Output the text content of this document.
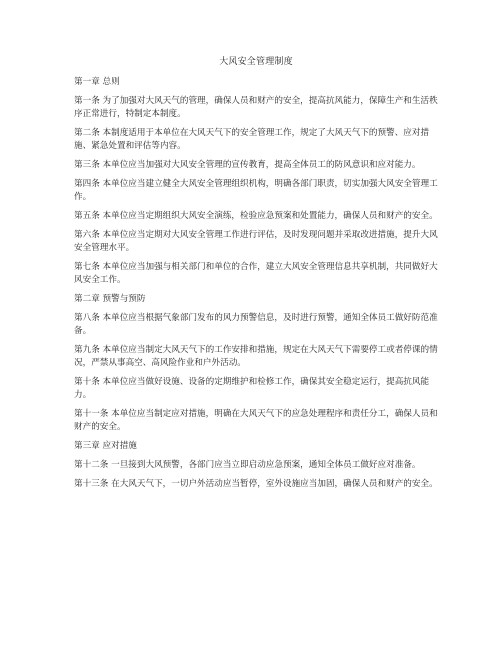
大风安全管理制度
第一章 总则
第一条 为了加强对大风天气的管理，确保人员和财产的安全，提高抗风能力，保障生产和生活秩序正常进行，特制定本制度。
第二条 本制度适用于本单位在大风天气下的安全管理工作，规定了大风天气下的预警、应对措施、紧急处置和评估等内容。
第三条 本单位应当加强对大风安全管理的宣传教育，提高全体员工的防风意识和应对能力。
第四条 本单位应当建立健全大风安全管理组织机构，明确各部门职责，切实加强大风安全管理工作。
第五条 本单位应当定期组织大风安全演练，检验应急预案和处置能力，确保人员和财产的安全。
第六条 本单位应当定期对大风安全管理工作进行评估，及时发现问题并采取改进措施，提升大风安全管理水平。
第七条 本单位应当加强与相关部门和单位的合作，建立大风安全管理信息共享机制，共同做好大风安全工作。
第二章 预警与预防
第八条 本单位应当根据气象部门发布的风力预警信息，及时进行预警，通知全体员工做好防范准备。
第九条 本单位应当制定大风天气下的工作安排和措施，规定在大风天气下需要停工或者停课的情况，严禁从事高空、高风险作业和户外活动。
第十条 本单位应当做好设施、设备的定期维护和检修工作，确保其安全稳定运行，提高抗风能力。
第十一条 本单位应当制定应对措施，明确在大风天气下的应急处理程序和责任分工，确保人员和财产的安全。
第三章 应对措施
第十二条 一旦接到大风预警，各部门应当立即启动应急预案，通知全体员工做好应对准备。
第十三条 在大风天气下，一切户外活动应当暂停，室外设施应当加固，确保人员和财产的安全。
